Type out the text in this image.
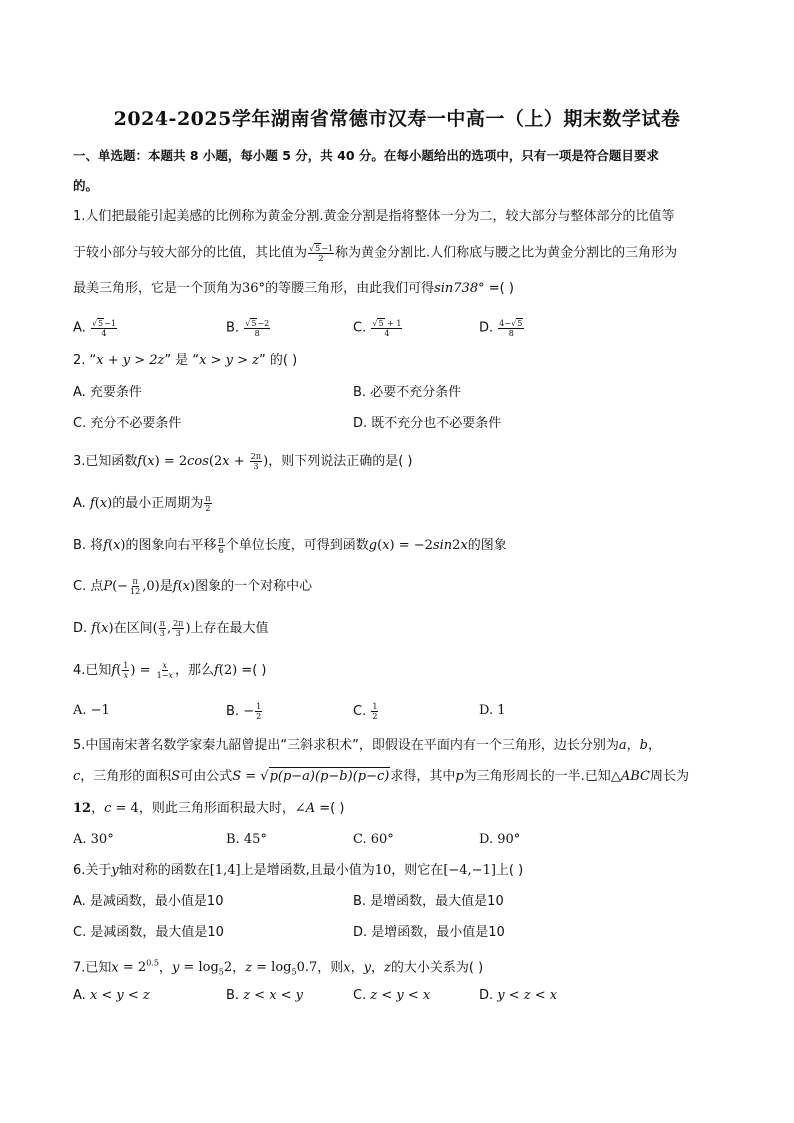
2024-2025学年湖南省常德市汉寿一中高一（上）期末数学试卷
一、单选题：本题共 8 小题，每小题 5 分，共 40 分。在每小题给出的选项中，只有一项是符合题目要求
的。
1.人们把最能引起美感的比例称为黄金分割.黄金分割是指将整体一分为二，较大部分与整体部分的比值等
于较小部分与较大部分的比值，其比值为 $\frac{√5-1}{2}$ 称为黄金分割比.人们称底与腰之比为黄金分割比的三角形为
最美三角形，它是一个顶角为36°的等腰三角形，由此我们可得sin738° =( )
A. $\frac{√5-1}{4}$	B. $\frac{√5-2}{8}$	C. $\frac{√5 + 1}{4}$	D. $\frac{4-√5}{8}$
2. “x + y > 2z” 是 “x > y > z” 的( )
A. 充要条件	B. 必要不充分条件
C. 充分不必要条件	D. 既不充分也不必要条件
3.已知函数$f(x) = 2\cos(2x + \frac{2\pi}{3}$ )，则下列说法正确的是( )
A. f(x)的最小正周期为 $\frac{\pi}{2}$
B. 将f(x)的图象向右平移 $\frac{\pi}{6}$ 个单位长度，可得到函数g(x) = −2sin2x的图象
C. 点$P(- \frac{\pi}{12} ,0)$是f(x)图象的一个对称中心
D. f(x)在区间( $\frac{\pi}{3}$ , $\frac{2\pi}{3}$ )上存在最大值
4.已知$f( \frac{1}{x}$ ) = $\frac{x}{1-x}$ ，那么f(2) =( )
A. −1	B. − $\frac{1}{2}$	C. $\frac{1}{2}$	D. 1
5.中国南宋著名数学家秦九韶曾提出“三斜求积术”，即假设在平面内有一个三角形，边长分别为a，b，
c，三角形的面积S可由公式S = √p(p−a)(p−b)(p−c)求得，其中p为三角形周长的一半.已知△ABC周长为
12，c = 4，则此三角形面积最大时，∠A =( )
A. 30°	B. 45°	C. 60°	D. 90°
6.关于y轴对称的函数在[1,4]上是增函数,且最小值为10，则它在[−4,−1]上( )
A. 是减函数，最小值是10	B. 是增函数，最大值是10
C. 是减函数，最大值是10	D. 是增函数，最小值是10
7.已知$x = 2^{0.5}$，$y = \log_52$，$z = \log_50.7$，则x，y，z的大小关系为( )
A. x < y < z	B. z < x < y	C. z < y < x	D. y < z < x
